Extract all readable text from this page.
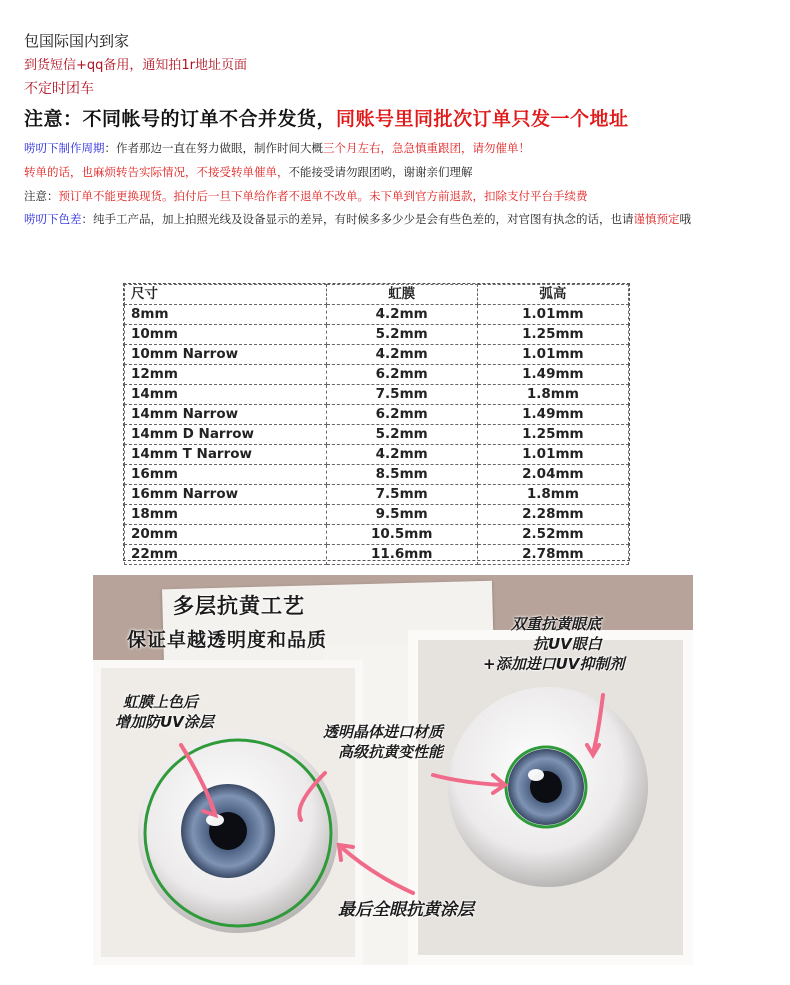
包国际国内到家
到货短信+qq备用，通知拍1r地址页面
不定时团车
注意：不同帐号的订单不合并发货，同账号里同批次订单只发一个地址
唠叨下制作周期：作者那边一直在努力做眼，制作时间大概三个月左右，急急慎重跟团，请勿催单！
转单的话，也麻烦转告实际情况，不接受转单催单，不能接受请勿跟团哟，谢谢亲们理解
注意：预订单不能更换现货。拍付后一旦下单给作者不退单不改单。未下单到官方前退款，扣除支付平台手续费
唠叨下色差：纯手工产品，加上拍照光线及设备显示的差异，有时候多多少少是会有些色差的，对官图有执念的话，也请谨慎预定哦
尺寸	虹膜	弧高
8mm	4.2mm	1.01mm
10mm	5.2mm	1.25mm
10mm Narrow	4.2mm	1.01mm
12mm	6.2mm	1.49mm
14mm	7.5mm	1.8mm
14mm Narrow	6.2mm	1.49mm
14mm D Narrow	5.2mm	1.25mm
14mm T Narrow	4.2mm	1.01mm
16mm	8.5mm	2.04mm
16mm Narrow	7.5mm	1.8mm
18mm	9.5mm	2.28mm
20mm	10.5mm	2.52mm
22mm	11.6mm	2.78mm
多层抗黄工艺
保证卓越透明度和品质
虹膜上色后
增加防UV涂层
双重抗黄眼底
抗UV眼白
+添加进口UV抑制剂
透明晶体进口材质
高级抗黄变性能
最后全眼抗黄涂层
